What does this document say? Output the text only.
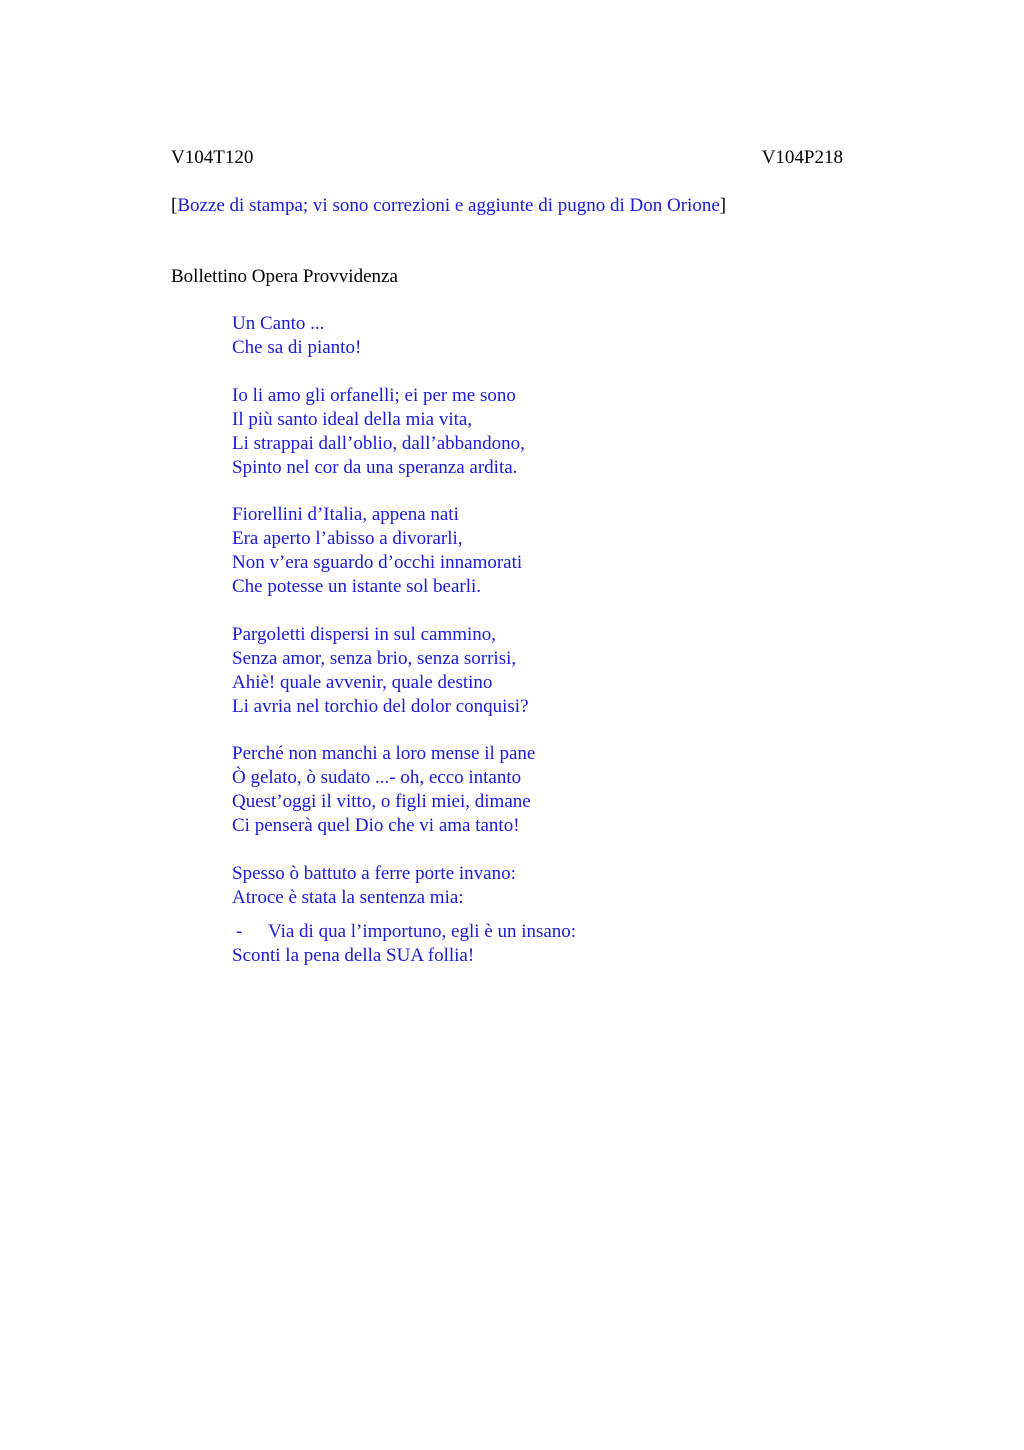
V104T120	V104P218
[Bozze di stampa; vi sono correzioni e aggiunte di pugno di Don Orione]
Bollettino Opera Provvidenza
Un Canto ...
Che sa di pianto!
Io li amo gli orfanelli; ei per me sono
Il più santo ideal della mia vita,
Li strappai dall’oblio, dall’abbandono,
Spinto nel cor da una speranza ardita.
Fiorellini d’Italia, appena nati
Era aperto l’abisso a divorarli,
Non v’era sguardo d’occhi innamorati
Che potesse un istante sol bearli.
Pargoletti dispersi in sul cammino,
Senza amor, senza brio, senza sorrisi,
Ahiè! quale avvenir, quale destino
Li avria nel torchio del dolor conquisi?
Perché non manchi a loro mense il pane
Ò gelato, ò sudato ...- oh, ecco intanto
Quest’oggi il vitto, o figli miei, dimane
Ci penserà quel Dio che vi ama tanto!
Spesso ò battuto a ferre porte invano:
Atroce è stata la sentenza mia:
- Via di qua l’importuno, egli è un insano:
Sconti la pena della SUA follia!
